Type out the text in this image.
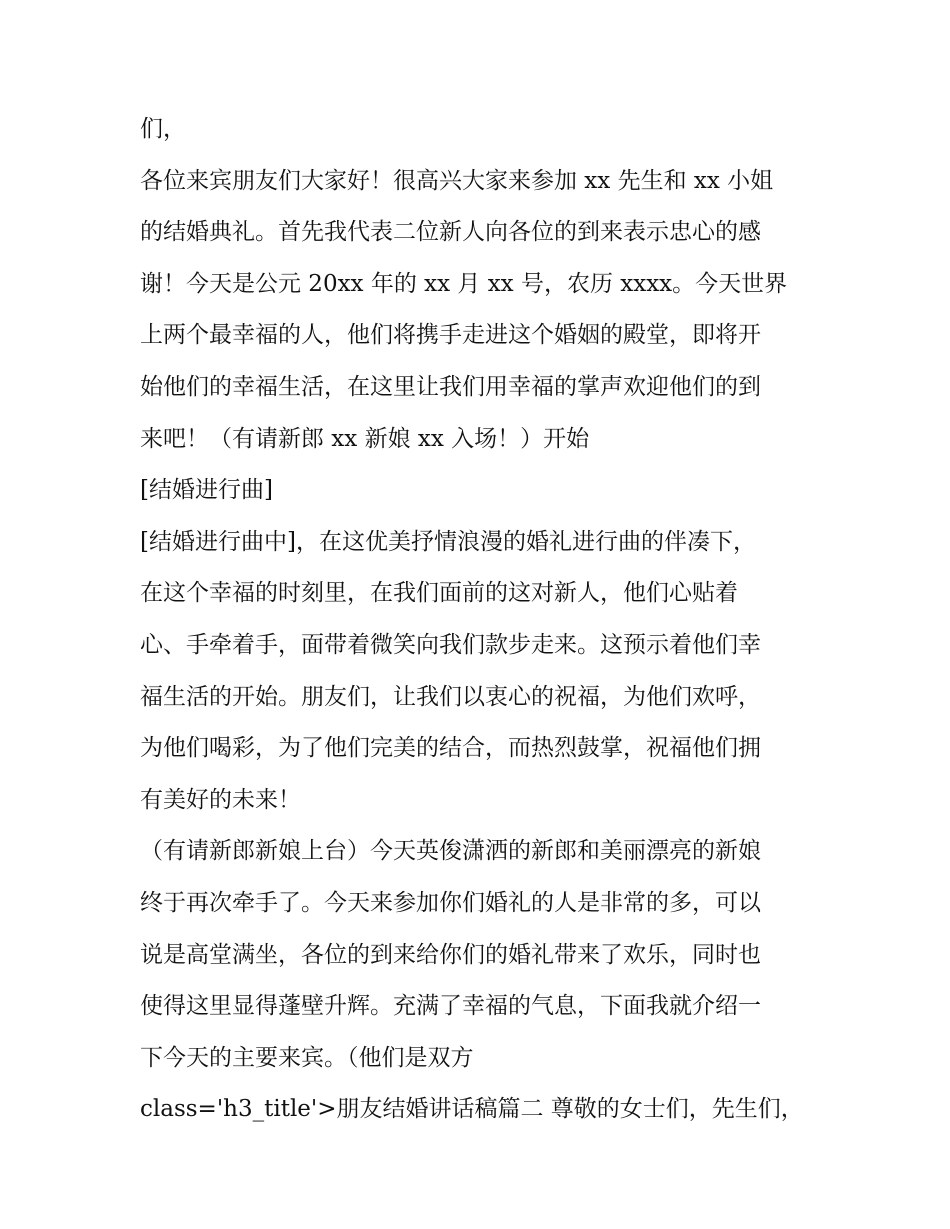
们，
各位来宾朋友们大家好！很高兴大家来参加 xx 先生和 xx 小姐
的结婚典礼。首先我代表二位新人向各位的到来表示忠心的感
谢！今天是公元 20xx 年的 xx 月 xx 号，农历 xxxx。今天世界
上两个最幸福的人，他们将携手走进这个婚姻的殿堂，即将开
始他们的幸福生活，在这里让我们用幸福的掌声欢迎他们的到
来吧！（有请新郎 xx 新娘 xx 入场！）开始
[结婚进行曲]
[结婚进行曲中]，在这优美抒情浪漫的婚礼进行曲的伴凑下，
在这个幸福的时刻里，在我们面前的这对新人，他们心贴着
心、手牵着手，面带着微笑向我们款步走来。这预示着他们幸
福生活的开始。朋友们，让我们以衷心的祝福，为他们欢呼，
为他们喝彩，为了他们完美的结合，而热烈鼓掌，祝福他们拥
有美好的未来！
（有请新郎新娘上台）今天英俊潇洒的新郎和美丽漂亮的新娘
终于再次牵手了。今天来参加你们婚礼的人是非常的多，可以
说是高堂满坐，各位的到来给你们的婚礼带来了欢乐，同时也
使得这里显得蓬壁升辉。充满了幸福的气息，下面我就介绍一
下今天的主要来宾。（他们是双方
class='h3_title'>朋友结婚讲话稿篇二 尊敬的女士们，先生们，
